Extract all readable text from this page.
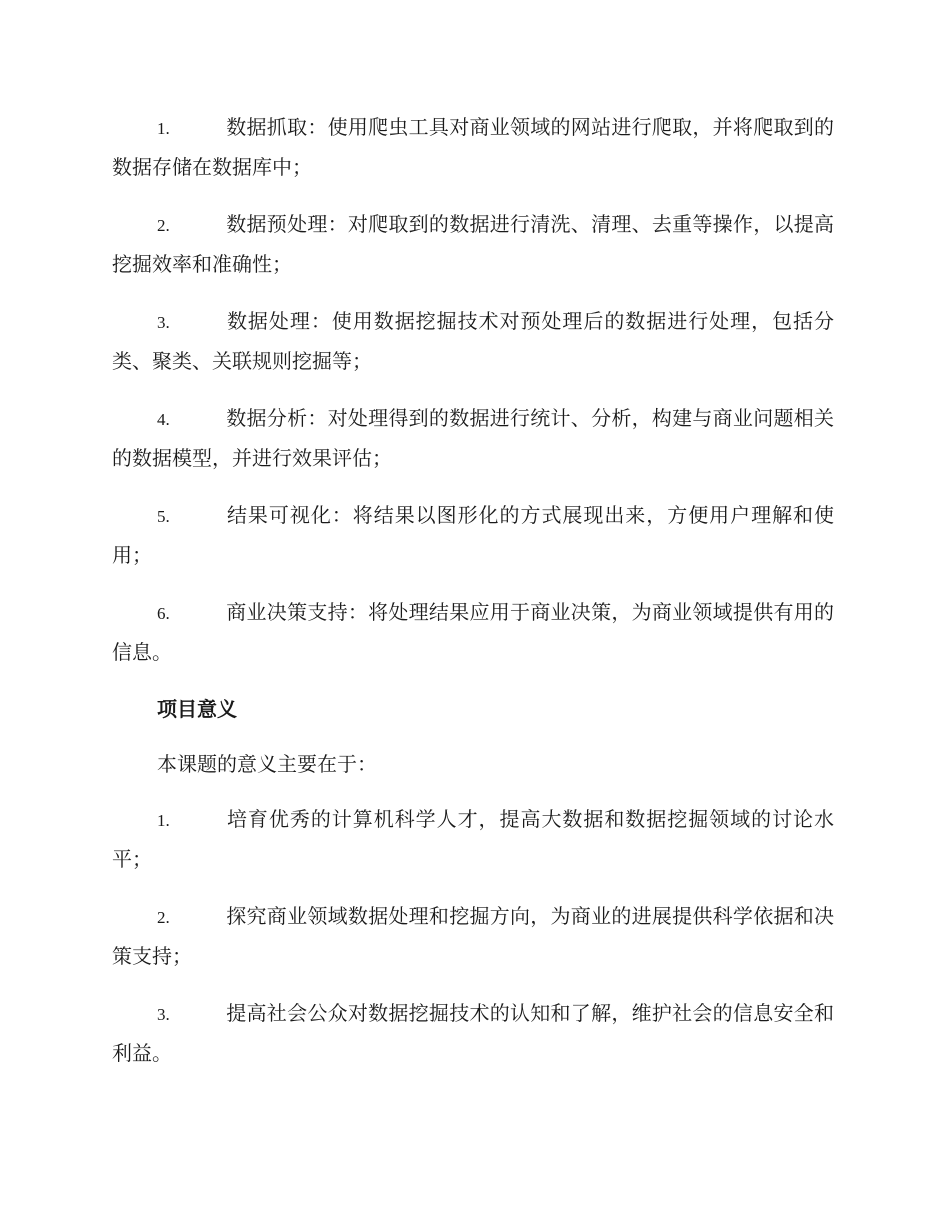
1.	数据抓取：使用爬虫工具对商业领域的网站进行爬取，并将爬取到的数据存储在数据库中；
2.	数据预处理：对爬取到的数据进行清洗、清理、去重等操作，以提高挖掘效率和准确性；
3.	数据处理：使用数据挖掘技术对预处理后的数据进行处理，包括分类、聚类、关联规则挖掘等；
4.	数据分析：对处理得到的数据进行统计、分析，构建与商业问题相关的数据模型，并进行效果评估；
5.	结果可视化：将结果以图形化的方式展现出来，方便用户理解和使用；
6.	商业决策支持：将处理结果应用于商业决策，为商业领域提供有用的信息。
项目意义
本课题的意义主要在于：
1.	培育优秀的计算机科学人才，提高大数据和数据挖掘领域的讨论水平；
2.	探究商业领域数据处理和挖掘方向，为商业的进展提供科学依据和决策支持；
3.	提高社会公众对数据挖掘技术的认知和了解，维护社会的信息安全和利益。
